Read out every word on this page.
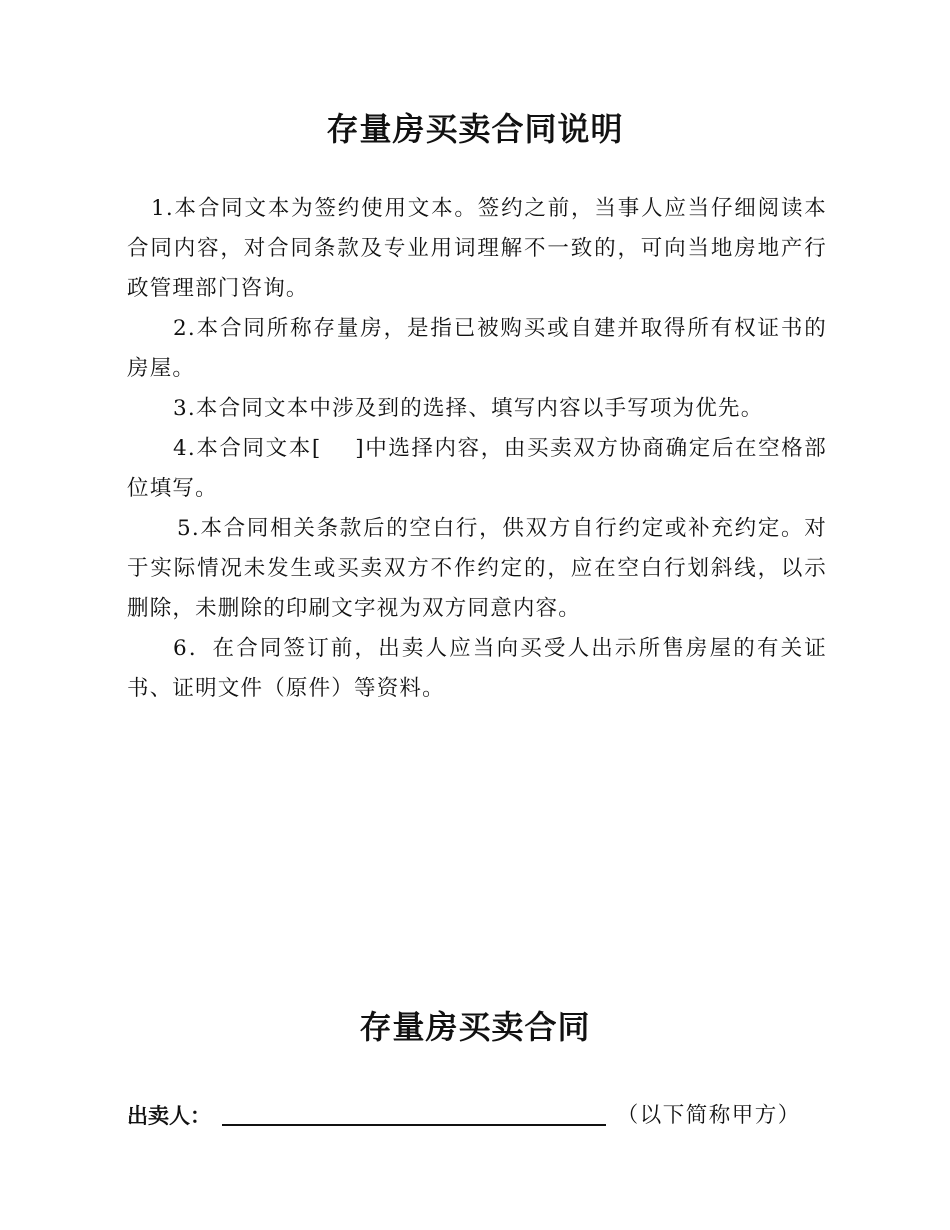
存量房买卖合同说明

1.本合同文本为签约使用文本。签约之前，当事人应当仔细阅读本合同内容，对合同条款及专业用词理解不一致的，可向当地房地产行政管理部门咨询。

2.本合同所称存量房，是指已被购买或自建并取得所有权证书的房屋。

3.本合同文本中涉及到的选择、填写内容以手写项为优先。

4.本合同文本[    ]中选择内容，由买卖双方协商确定后在空格部位填写。

5.本合同相关条款后的空白行，供双方自行约定或补充约定。对于实际情况未发生或买卖双方不作约定的，应在空白行划斜线，以示删除，未删除的印刷文字视为双方同意内容。

6．在合同签订前，出卖人应当向买受人出示所售房屋的有关证书、证明文件（原件）等资料。

存量房买卖合同
出卖人：	（以下简称甲方）
